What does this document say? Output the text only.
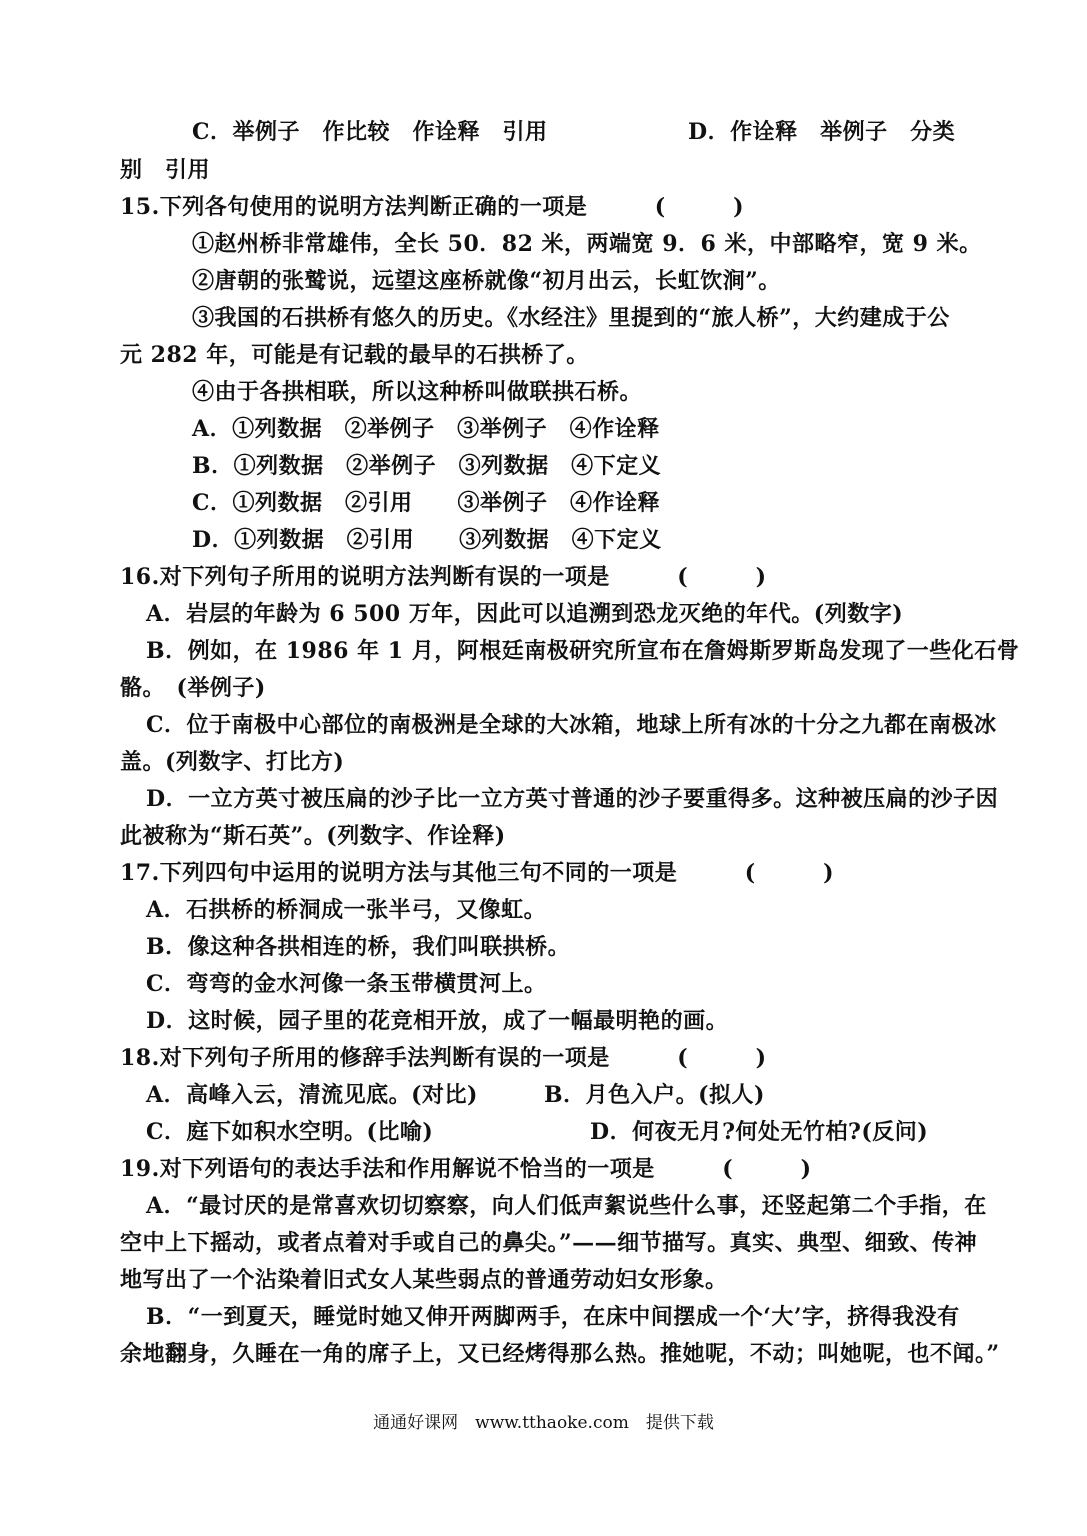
C．举例子　作比较　作诠释　引用	D．作诠释　举例子　分类
别　引用
15.下列各句使用的说明方法判断正确的一项是　　　(　　　)
①赵州桥非常雄伟，全长 50．82 米，两端宽 9．6 米，中部略窄，宽 9 米。
②唐朝的张鹫说，远望这座桥就像“初月出云，长虹饮涧”。
③我国的石拱桥有悠久的历史。《水经注》里提到的“旅人桥”，大约建成于公
元 282 年，可能是有记载的最早的石拱桥了。
④由于各拱相联，所以这种桥叫做联拱石桥。
A．①列数据　②举例子　③举例子　④作诠释
B．①列数据　②举例子　③列数据　④下定义
C．①列数据　②引用　　③举例子　④作诠释
D．①列数据　②引用　　③列数据　④下定义
16.对下列句子所用的说明方法判断有误的一项是　　　(　　　)
A．岩层的年龄为 6 500 万年，因此可以追溯到恐龙灭绝的年代。(列数字)
B．例如，在 1986 年 1 月，阿根廷南极研究所宣布在詹姆斯罗斯岛发现了一些化石骨
骼。　(举例子)
C．位于南极中心部位的南极洲是全球的大冰箱，地球上所有冰的十分之九都在南极冰
盖。(列数字、打比方)
D．一立方英寸被压扁的沙子比一立方英寸普通的沙子要重得多。这种被压扁的沙子因
此被称为“斯石英”。(列数字、作诠释)
17.下列四句中运用的说明方法与其他三句不同的一项是　　　(　　　)
A．石拱桥的桥洞成一张半弓，又像虹。
B．像这种各拱相连的桥，我们叫联拱桥。
C．弯弯的金水河像一条玉带横贯河上。
D．这时候，园子里的花竞相开放，成了一幅最明艳的画。
18.对下列句子所用的修辞手法判断有误的一项是　　　(　　　)
A．高峰入云，清流见底。(对比)	B．月色入户。(拟人)
C．庭下如积水空明。(比喻)	D．何夜无月?何处无竹柏?(反问)
19.对下列语句的表达手法和作用解说不恰当的一项是　　　(　　　)
A．“最讨厌的是常喜欢切切察察，向人们低声絮说些什么事，还竖起第二个手指，在
空中上下摇动，或者点着对手或自己的鼻尖。”——细节描写。真实、典型、细致、传神
地写出了一个沾染着旧式女人某些弱点的普通劳动妇女形象。
B．“一到夏天，睡觉时她又伸开两脚两手，在床中间摆成一个‘大’字，挤得我没有
余地翻身，久睡在一角的席子上，又已经烤得那么热。推她呢，不动；叫她呢，也不闻。”
通通好课网　www.tthaoke.com　提供下载
